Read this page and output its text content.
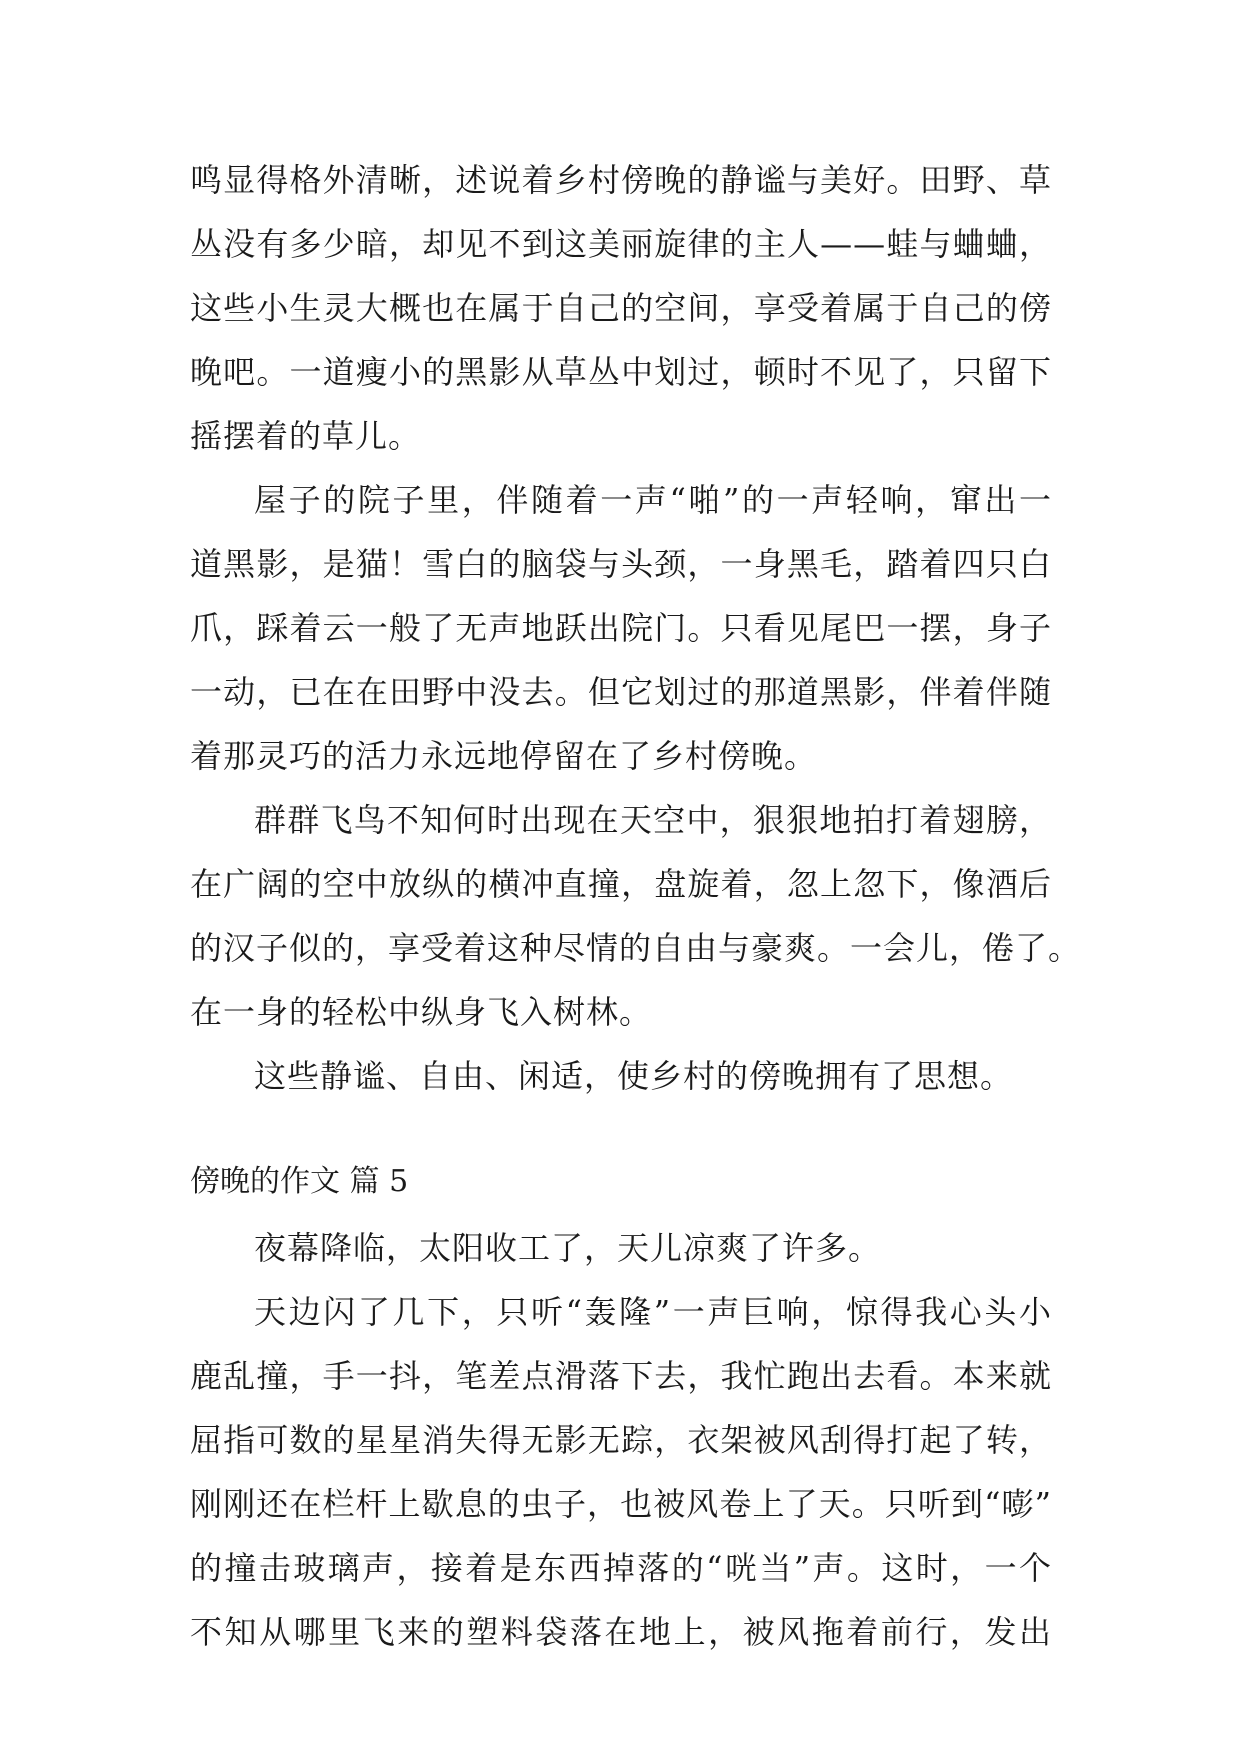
鸣显得格外清晰，述说着乡村傍晚的静谧与美好。田野、草
丛没有多少暗，却见不到这美丽旋律的主人——蛙与蛐蛐，
这些小生灵大概也在属于自己的空间，享受着属于自己的傍
晚吧。一道瘦小的黑影从草丛中划过，顿时不见了，只留下
摇摆着的草儿。
屋子的院子里，伴随着一声“啪”的一声轻响，窜出一
道黑影，是猫！雪白的脑袋与头颈，一身黑毛，踏着四只白
爪，踩着云一般了无声地跃出院门。只看见尾巴一摆，身子
一动，已在在田野中没去。但它划过的那道黑影，伴着伴随
着那灵巧的活力永远地停留在了乡村傍晚。
群群飞鸟不知何时出现在天空中，狠狠地拍打着翅膀，
在广阔的空中放纵的横冲直撞，盘旋着，忽上忽下，像酒后
的汉子似的，享受着这种尽情的自由与豪爽。一会儿，倦了。
在一身的轻松中纵身飞入树林。
这些静谧、自由、闲适，使乡村的傍晚拥有了思想。
傍晚的作文 篇 5
夜幕降临，太阳收工了，天儿凉爽了许多。
天边闪了几下，只听“轰隆”一声巨响，惊得我心头小
鹿乱撞，手一抖，笔差点滑落下去，我忙跑出去看。本来就
屈指可数的星星消失得无影无踪，衣架被风刮得打起了转，
刚刚还在栏杆上歇息的虫子，也被风卷上了天。只听到“嘭”
的撞击玻璃声，接着是东西掉落的“咣当”声。这时，一个
不知从哪里飞来的塑料袋落在地上，被风拖着前行，发出
